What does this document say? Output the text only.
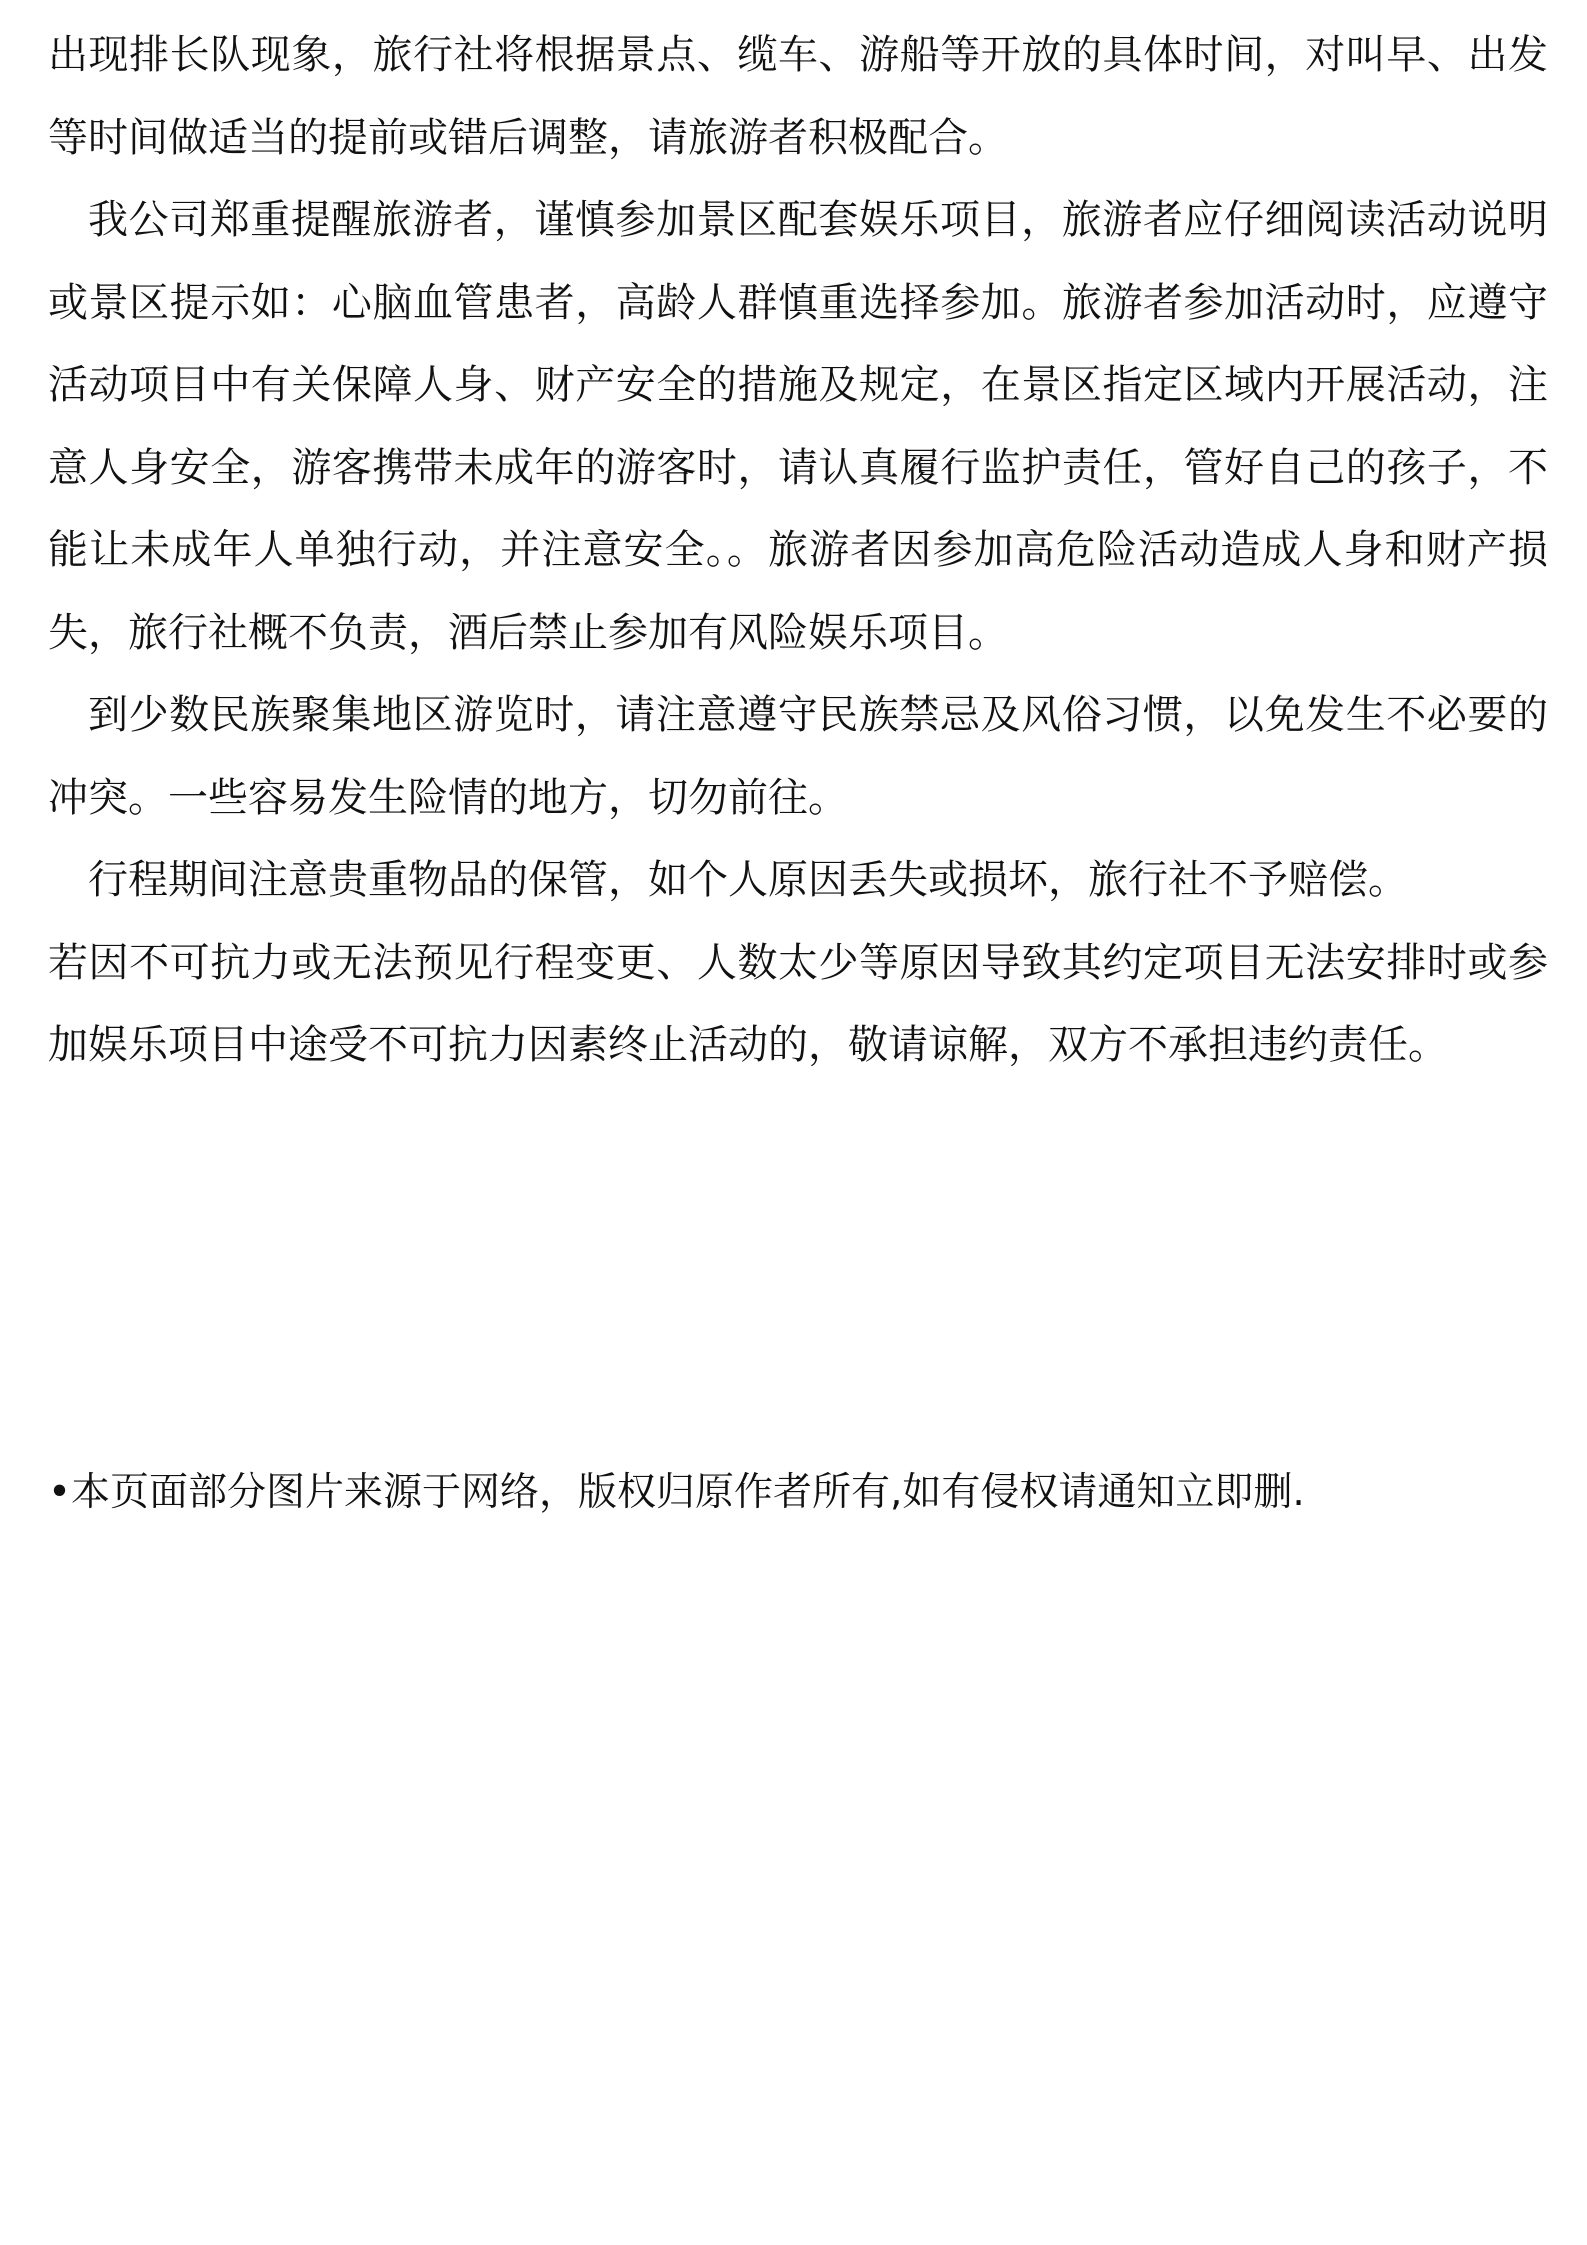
出现排长队现象，旅行社将根据景点、缆车、游船等开放的具体时间，对叫早、出发等时间做适当的提前或错后调整，请旅游者积极配合。

我公司郑重提醒旅游者，谨慎参加景区配套娱乐项目，旅游者应仔细阅读活动说明或景区提示如：心脑血管患者，高龄人群慎重选择参加。旅游者参加活动时，应遵守活动项目中有关保障人身、财产安全的措施及规定，在景区指定区域内开展活动，注意人身安全，游客携带未成年的游客时，请认真履行监护责任，管好自己的孩子，不能让未成年人单独行动，并注意安全。。旅游者因参加高危险活动造成人身和财产损失，旅行社概不负责，酒后禁止参加有风险娱乐项目。

到少数民族聚集地区游览时，请注意遵守民族禁忌及风俗习惯，以免发生不必要的冲突。一些容易发生险情的地方，切勿前往。

行程期间注意贵重物品的保管，如个人原因丢失或损坏，旅行社不予赔偿。

若因不可抗力或无法预见行程变更、人数太少等原因导致其约定项目无法安排时或参加娱乐项目中途受不可抗力因素终止活动的，敬请谅解，双方不承担违约责任。

•本页面部分图片来源于网络，版权归原作者所有,如有侵权请通知立即删.
